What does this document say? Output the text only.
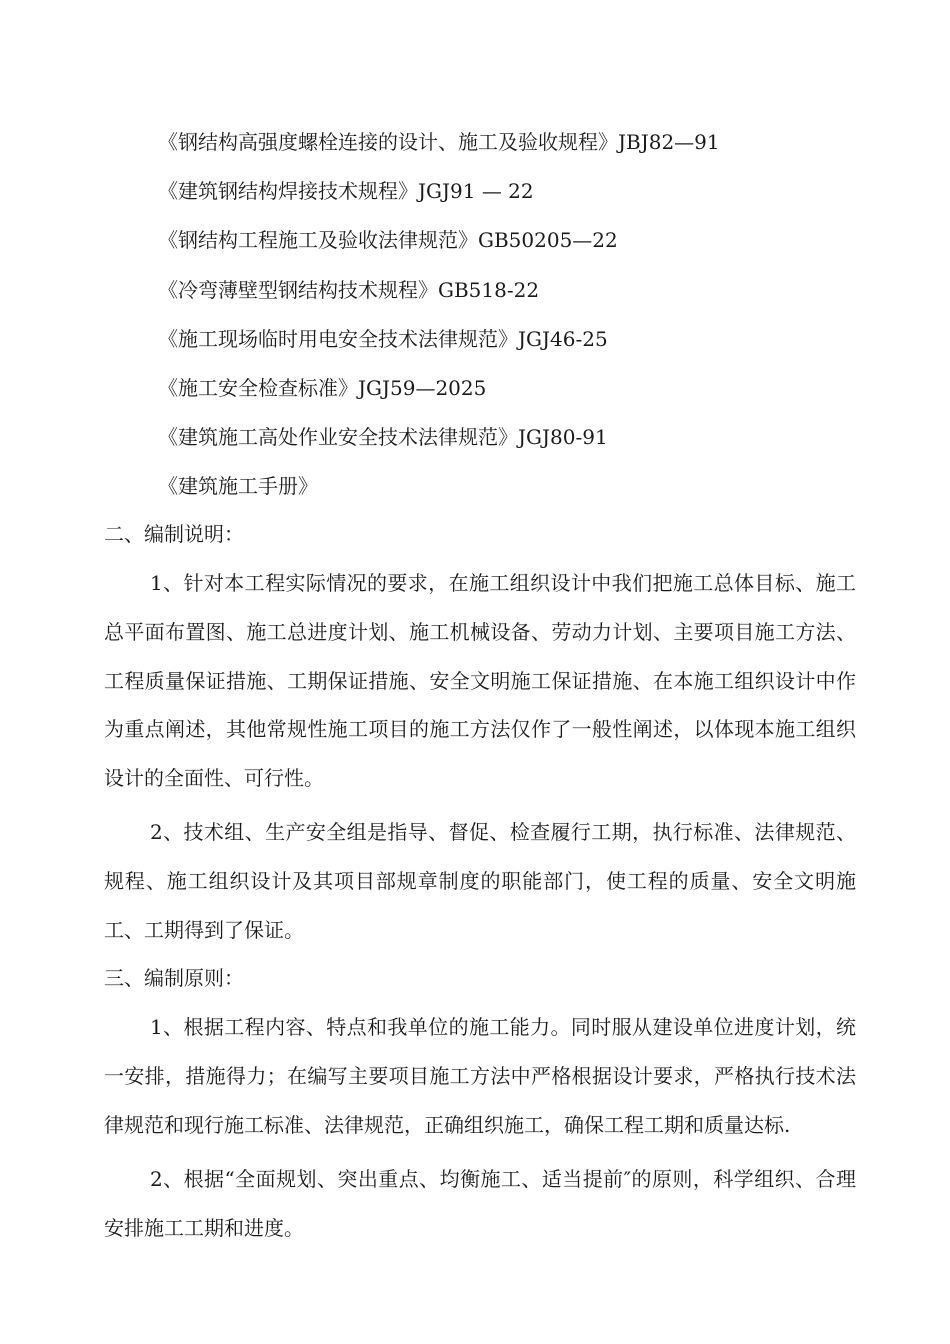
《钢结构高强度螺栓连接的设计、施工及验收规程》JBJ82—91
《建筑钢结构焊接技术规程》JGJ91 — 22
《钢结构工程施工及验收法律规范》GB50205—22
《冷弯薄壁型钢结构技术规程》GB518-22
《施工现场临时用电安全技术法律规范》JGJ46-25
《施工安全检查标准》JGJ59—2025
《建筑施工高处作业安全技术法律规范》JGJ80-91
《建筑施工手册》
二、编制说明：

1、针对本工程实际情况的要求，在施工组织设计中我们把施工总体目标、施工总平面布置图、施工总进度计划、施工机械设备、劳动力计划、主要项目施工方法、工程质量保证措施、工期保证措施、安全文明施工保证措施、在本施工组织设计中作为重点阐述，其他常规性施工项目的施工方法仅作了一般性阐述，以体现本施工组织设计的全面性、可行性。

2、技术组、生产安全组是指导、督促、检查履行工期，执行标准、法律规范、规程、施工组织设计及其项目部规章制度的职能部门，使工程的质量、安全文明施工、工期得到了保证。

三、编制原则：

1、根据工程内容、特点和我单位的施工能力。同时服从建设单位进度计划，统一安排，措施得力；在编写主要项目施工方法中严格根据设计要求，严格执行技术法律规范和现行施工标准、法律规范，正确组织施工，确保工程工期和质量达标.

2、根据“全面规划、突出重点、均衡施工、适当提前″的原则，科学组织、合理安排施工工期和进度。
